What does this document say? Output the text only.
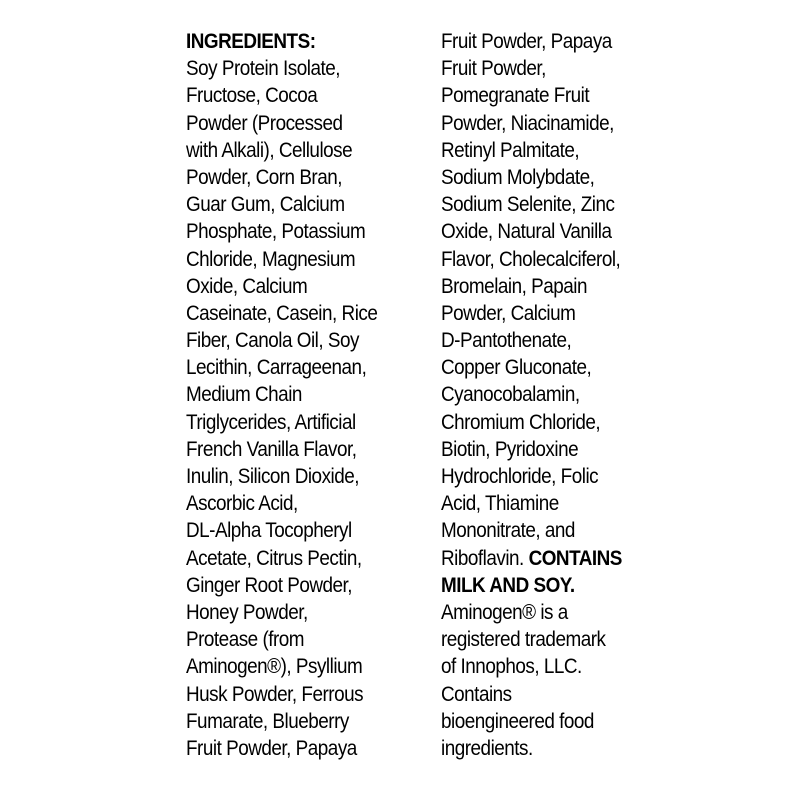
INGREDIENTS:
Soy Protein Isolate,
Fructose, Cocoa
Powder (Processed
with Alkali), Cellulose
Powder, Corn Bran,
Guar Gum, Calcium
Phosphate, Potassium
Chloride, Magnesium
Oxide, Calcium
Caseinate, Casein, Rice
Fiber, Canola Oil, Soy
Lecithin, Carrageenan,
Medium Chain
Triglycerides, Artificial
French Vanilla Flavor,
Inulin, Silicon Dioxide,
Ascorbic Acid,
DL-Alpha Tocopheryl
Acetate, Citrus Pectin,
Ginger Root Powder,
Honey Powder,
Protease (from
Aminogen®), Psyllium
Husk Powder, Ferrous
Fumarate, Blueberry
Fruit Powder, Papaya
Fruit Powder, Papaya
Fruit Powder,
Pomegranate Fruit
Powder, Niacinamide,
Retinyl Palmitate,
Sodium Molybdate,
Sodium Selenite, Zinc
Oxide, Natural Vanilla
Flavor, Cholecalciferol,
Bromelain, Papain
Powder, Calcium
D-Pantothenate,
Copper Gluconate,
Cyanocobalamin,
Chromium Chloride,
Biotin, Pyridoxine
Hydrochloride, Folic
Acid, Thiamine
Mononitrate, and
Riboflavin. CONTAINS
MILK AND SOY.
Aminogen® is a
registered trademark
of Innophos, LLC.
Contains
bioengineered food
ingredients.
